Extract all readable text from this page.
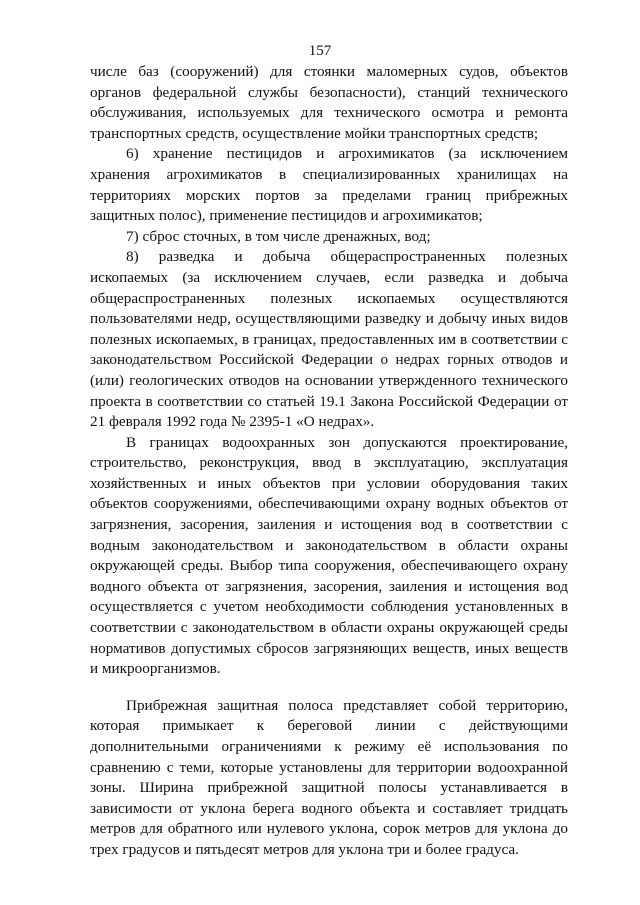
157

числе баз (сооружений) для стоянки маломерных судов, объектов органов федеральной службы безопасности), станций технического обслуживания, используемых для технического осмотра и ремонта транспортных средств, осуществление мойки транспортных средств;

6) хранение пестицидов и агрохимикатов (за исключением хранения агрохимикатов в специализированных хранилищах на территориях морских портов за пределами границ прибрежных защитных полос), применение пестицидов и агрохимикатов;

7) сброс сточных, в том числе дренажных, вод;

8) разведка и добыча общераспространенных полезных ископаемых (за исключением случаев, если разведка и добыча общераспространенных полезных ископаемых осуществляются пользователями недр, осуществляющими разведку и добычу иных видов полезных ископаемых, в границах, предоставленных им в соответствии с законодательством Российской Федерации о недрах горных отводов и (или) геологических отводов на основании утвержденного технического проекта в соответствии со статьей 19.1 Закона Российской Федерации от 21 февраля 1992 года № 2395-1 «О недрах».

В границах водоохранных зон допускаются проектирование, строительство, реконструкция, ввод в эксплуатацию, эксплуатация хозяйственных и иных объектов при условии оборудования таких объектов сооружениями, обеспечивающими охрану водных объектов от загрязнения, засорения, заиления и истощения вод в соответствии с водным законодательством и законодательством в области охраны окружающей среды. Выбор типа сооружения, обеспечивающего охрану водного объекта от загрязнения, засорения, заиления и истощения вод осуществляется с учетом необходимости соблюдения установленных в соответствии с законодательством в области охраны окружающей среды нормативов допустимых сбросов загрязняющих веществ, иных веществ и микроорганизмов.

Прибрежная защитная полоса представляет собой территорию, которая примыкает к береговой линии с действующими дополнительными ограничениями к режиму её использования по сравнению с теми, которые установлены для территории водоохранной зоны. Ширина прибрежной защитной полосы устанавливается в зависимости от уклона берега водного объекта и составляет тридцать метров для обратного или нулевого уклона, сорок метров для уклона до трех градусов и пятьдесят метров для уклона три и более градуса.
